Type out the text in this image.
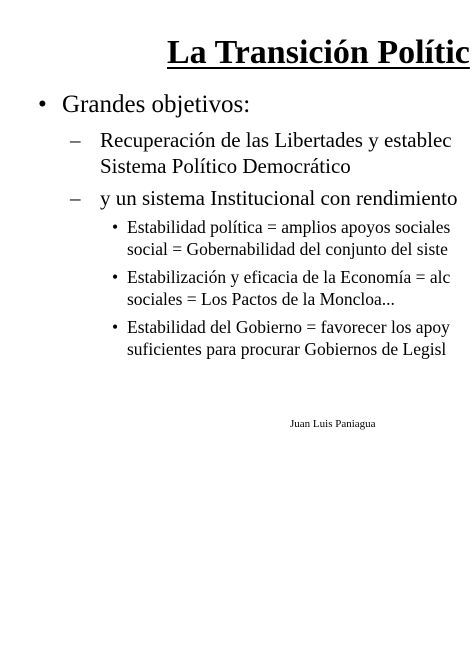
La Transición Polític
• Grandes objetivos:
– Recuperación de las Libertades y establec
Sistema Político Democrático
– y un sistema Institucional con rendimiento
• Estabilidad política = amplios apoyos sociales
social = Gobernabilidad del conjunto del siste
• Estabilización y eficacia de la Economía = alc
sociales = Los Pactos de la Moncloa...
• Estabilidad del Gobierno = favorecer los apoy
suficientes para procurar Gobiernos de Legisl
Juan Luis Paniagua
